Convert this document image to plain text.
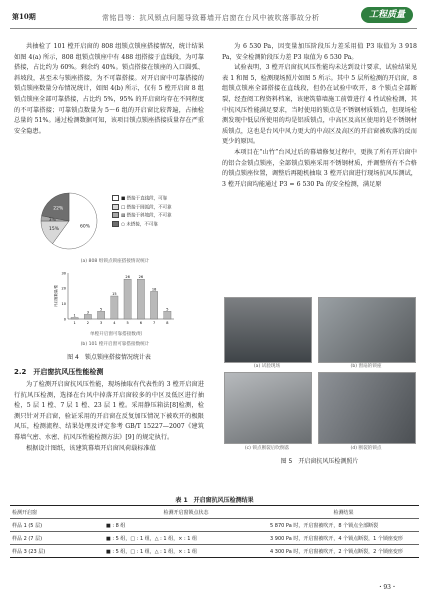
第10期	常铭昌等：抗风锁点问题导致幕墙开启窗在台风中被吹落事故分析	工程质量

共抽检了 101 樘开启窗的 808 组锁点锁座搭接情况，统计结果如图 4(a) 所示，808 组锁点锁座中有 488 组搭接于直线段，为可靠搭接，占比约为 60%。剩余约 40%。锁点搭接在锁座的入口圆弧、斜坡段，甚至未与锁座搭接，为不可靠搭接。对开启窗中可靠搭接的锁点锁座数量分布情况统计，如图 4(b) 所示，仅有 5 樘开启窗 8 组锁点锁座全部可靠搭接，占比约 5%，95% 的开启窗均存在不同程度的不可靠搭接；可靠锁点数量为 5～6 组的开启窗比较普遍，占抽检总量的 51%。通过检测数据可知，该项目锁点锁座搭接质量存在严重安全隐患。

60%
15%
3%
22%
■ 搭接于直线段，可靠
□ 搭接于圆弧段，不可靠
▨ 搭接于斜坡段，不可靠
○ 未搭接，不可靠
(a) 808 组锁点锁座搭接情况统计
开启窗数量/樘
0
10
20
30
1
1
3
2
5
3
15
4
26
5
26
6
18
7
5
8
单樘开启窗可靠搭接数/组
(b) 101 樘开启窗可靠搭接数统计
图 4　锁点锁座搭接情况统计表
2.2　开启窗抗风压性能检测

为了检测开启窗抗风压性能，现场抽取有代表性的 3 樘开启窗进行抗风压检测，选择在台风中掉落开启窗较多的中区及低区进行抽检，5 层 1 樘、7 层 1 樘、23 层 1 樘。采用静压箱法[8]检测，检测只针对开启窗，验证采用的开启窗在反复加压情况下被吹开的极限风压，检测流程、结果处理及评定参考 GB/T 15227—2007《建筑幕墙气密、水密、抗风压性能检测方法》[9] 的规定执行。

根据设计图纸，该建筑幕墙开启窗风荷载标准值

为 6 530 Pa，因变量加压阶段压力差采用值 P3 取值为 3 918 Pa，安全检测阶段压力差 P3 取值为 6 530 Pa。

试验表明，3 樘开启窗抗风压性能均未达到设计要求，试验结果见表 1 和图 5，检测现场照片如图 5 所示。其中 5 层所检测的开启窗，8 组锁点锁座全部搭接在直线段，但仍在试验中吹开，8 个锁点全部断裂，经查阅工程资料档案，该建筑幕墙施工前曾进行 4 性试验检测，其中抗风压性能满足要求，当时使用的锁点是不锈钢材质锁点，但现场检测发现中低层所使用的均是铝质锁点，中高区及高区使用的是不锈钢材质锁点，这也是台风中风力更大的中高区及高区的开启窗被吹落的反而更少的原因。

本项目在“山竹”台风过后的幕墙修复过程中，更换了所有开启窗中的铝合金锁点锁座，全部锁点锁座采用不锈钢材质，并调整所有不合格的锁点锁座位置，调整后再随机抽取 3 樘开启窗进行现场抗风压测试，3 樘开启窗均能通过 P3 = 6 530 Pa 的安全检测，满足原

(a) 试验现场	(b) 窗扇的锁座
(c) 锁点断裂后吹倒落	(d) 断裂的锁点
图 5　开启窗抗风压检测照片
表 1　开启窗抗风压检测结果
检测开启窗	检测开启窗锁点状态	检测结果
样品 1 (5 层)	■ : 8 组	5 870 Pa 时，开启窗被吹开，8 个锁点全部断裂
样品 2 (7 层)	■ : 5 组，□ : 1 组，△ : 1 组，× : 1 组	3 900 Pa 时，开启窗被吹开，4 个锁点断裂，1 个锁座变形
样品 3 (23 层)	■ : 5 组，□ : 1 组，△ : 1 组，× : 1 组	4 300 Pa 时，开启窗被吹开，2 个锁点断裂，2 个锁座变形
・93・
